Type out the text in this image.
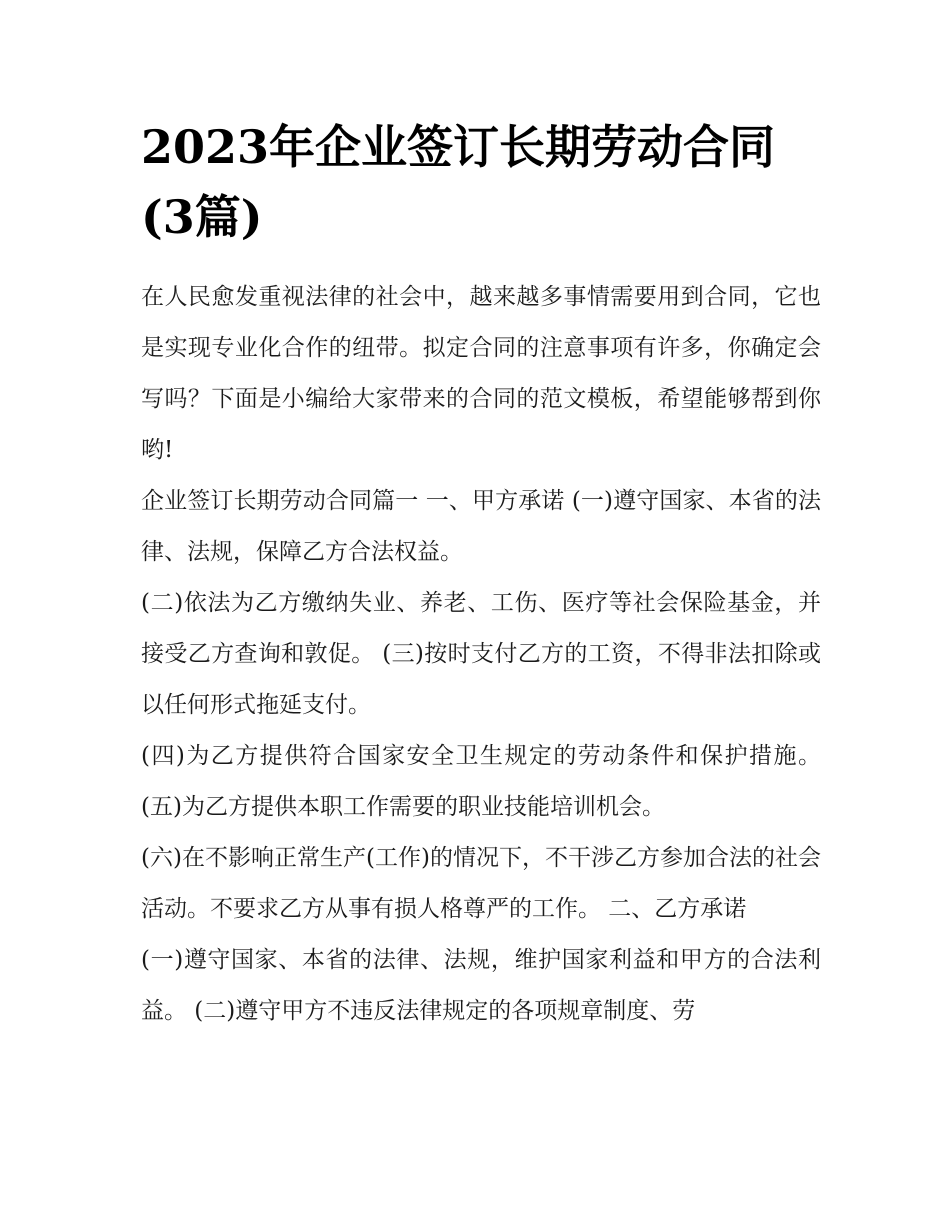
2023年企业签订长期劳动合同(3篇)

在人民愈发重视法律的社会中，越来越多事情需要用到合同，它也是实现专业化合作的纽带。拟定合同的注意事项有许多，你确定会写吗？下面是小编给大家带来的合同的范文模板，希望能够帮到你哟!

企业签订长期劳动合同篇一 一、甲方承诺 (一)遵守国家、本省的法律、法规，保障乙方合法权益。

(二)依法为乙方缴纳失业、养老、工伤、医疗等社会保险基金，并接受乙方查询和敦促。 (三)按时支付乙方的工资，不得非法扣除或以任何形式拖延支付。

(四)为乙方提供符合国家安全卫生规定的劳动条件和保护措施。 (五)为乙方提供本职工作需要的职业技能培训机会。

(六)在不影响正常生产(工作)的情况下，不干涉乙方参加合法的社会活动。不要求乙方从事有损人格尊严的工作。 二、乙方承诺

(一)遵守国家、本省的法律、法规，维护国家利益和甲方的合法利益。 (二)遵守甲方不违反法律规定的各项规章制度、劳
